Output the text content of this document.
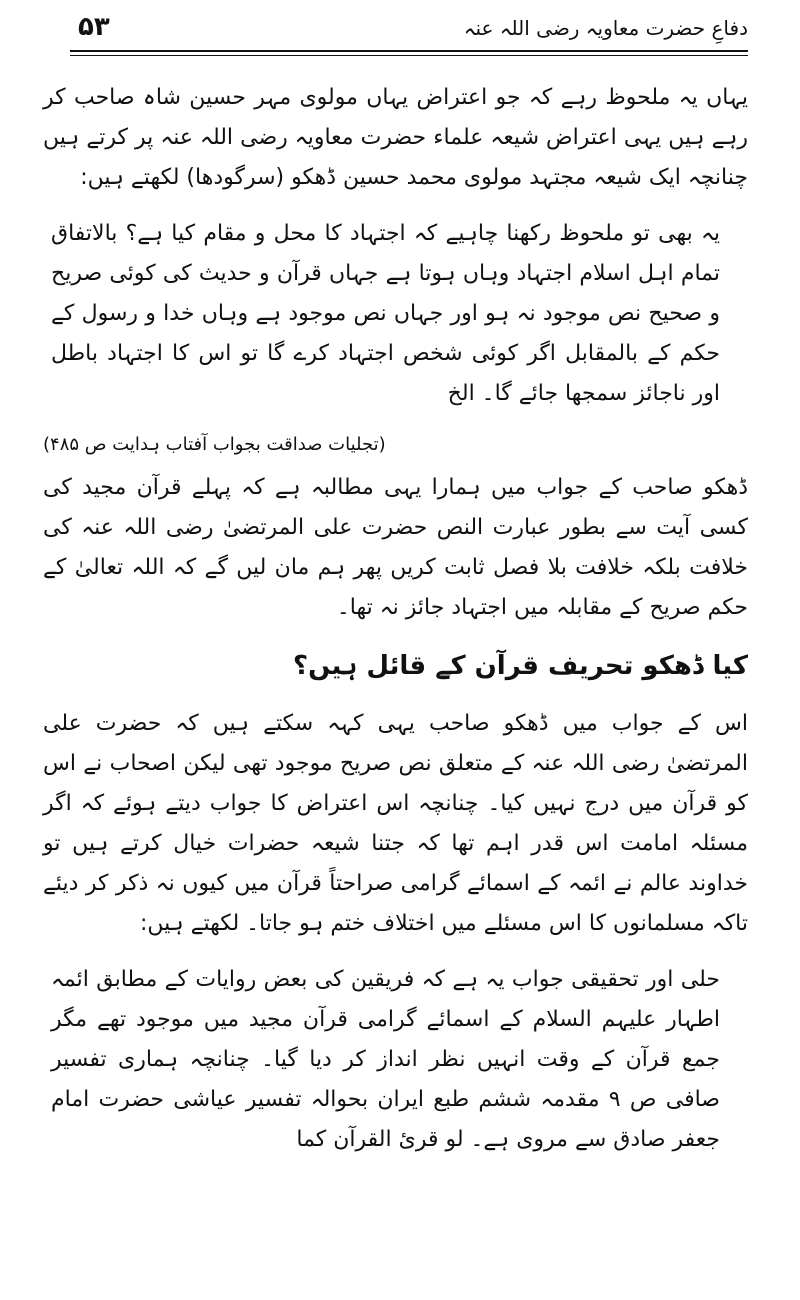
۵۳	دفاعِ حضرت معاویہ رضی اللہ عنہ

یہاں یہ ملحوظ رہے کہ جو اعتراض یہاں مولوی مہر حسین شاہ صاحب کر رہے ہیں یہی اعتراض شیعہ علماء حضرت معاویہ رضی اللہ عنہ پر کرتے ہیں چنانچہ ایک شیعہ مجتہد مولوی محمد حسین ڈھکو (سرگودھا) لکھتے ہیں:

یہ بھی تو ملحوظ رکھنا چاہیے کہ اجتہاد کا محل و مقام کیا ہے؟ بالاتفاق تمام اہل اسلام اجتہاد وہاں ہوتا ہے جہاں قرآن و حدیث کی کوئی صریح و صحیح نص موجود نہ ہو اور جہاں نص موجود ہے وہاں خدا و رسول کے حکم کے بالمقابل اگر کوئی شخص اجتہاد کرے گا تو اس کا اجتہاد باطل اور ناجائز سمجھا جائے گا۔ الخ

(تجلیات صداقت بجواب آفتاب ہدایت ص ۴۸۵)

ڈھکو صاحب کے جواب میں ہمارا یہی مطالبہ ہے کہ پہلے قرآن مجید کی کسی آیت سے بطور عبارت النص حضرت علی المرتضیٰ رضی اللہ عنہ کی خلافت بلکہ خلافت بلا فصل ثابت کریں پھر ہم مان لیں گے کہ اللہ تعالیٰ کے حکم صریح کے مقابلہ میں اجتہاد جائز نہ تھا۔

کیا ڈھکو تحریف قرآن کے قائل ہیں؟

اس کے جواب میں ڈھکو صاحب یہی کہہ سکتے ہیں کہ حضرت علی المرتضیٰ رضی اللہ عنہ کے متعلق نص صریح موجود تھی لیکن اصحاب نے اس کو قرآن میں درج نہیں کیا۔ چنانچہ اس اعتراض کا جواب دیتے ہوئے کہ اگر مسئلہ امامت اس قدر اہم تھا کہ جتنا شیعہ حضرات خیال کرتے ہیں تو خداوند عالم نے ائمہ کے اسمائے گرامی صراحتاً قرآن میں کیوں نہ ذکر کر دیئے تاکہ مسلمانوں کا اس مسئلے میں اختلاف ختم ہو جاتا۔ لکھتے ہیں:

حلی اور تحقیقی جواب یہ ہے کہ فریقین کی بعض روایات کے مطابق ائمہ اطہار علیہم السلام کے اسمائے گرامی قرآن مجید میں موجود تھے مگر جمع قرآن کے وقت انہیں نظر انداز کر دیا گیا۔ چنانچہ ہماری تفسیر صافی ص ۹ مقدمہ ششم طبع ایران بحوالہ تفسیر عیاشی حضرت امام جعفر صادق سے مروی ہے۔ لو قرئ القرآن کما
